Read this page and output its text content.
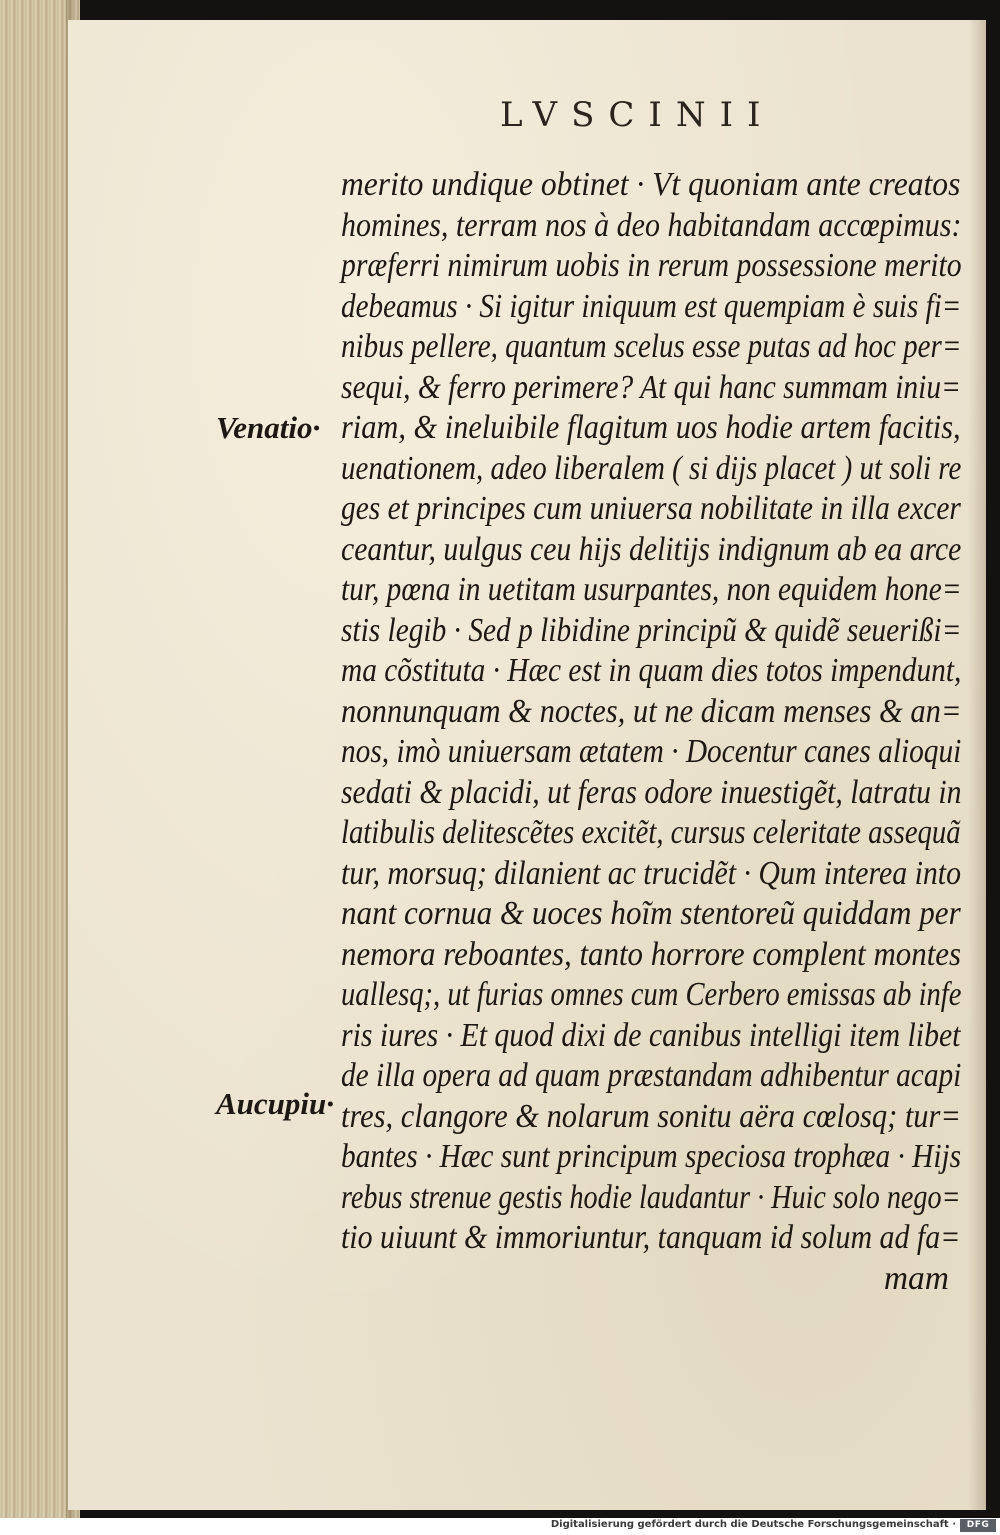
LVSCINII
Venatio·
Aucupiu·
merito undique obtinet · Vt quoniam ante creatos
homines, terram nos à deo habitandam accœpimus:
præferri nimirum uobis in rerum possessione merito
debeamus · Si igitur iniquum est quempiam è suis fi=
nibus pellere, quantum scelus esse putas ad hoc per=
sequi, & ferro perimere? At qui hanc summam iniu=
riam, & ineluibile flagitum uos hodie artem facitis,
uenationem, adeo liberalem ( si dijs placet ) ut soli re
ges et principes cum uniuersa nobilitate in illa excer
ceantur, uulgus ceu hijs delitijs indignum ab ea arce
tur, pœna in uetitam usurpantes, non equidem hone=
stis legib · Sed p libidine principũ & quidẽ seuerißi=
ma cõstituta · Hæc est in quam dies totos impendunt,
nonnunquam & noctes, ut ne dicam menses & an=
nos, imò uniuersam ætatem · Docentur canes alioqui
sedati & placidi, ut feras odore inuestigẽt, latratu in
latibulis delitescẽtes excitẽt, cursus celeritate assequã
tur, morsuq; dilanient ac trucidẽt · Qum interea into
nant cornua & uoces hoĩm stentoreũ quiddam per
nemora reboantes, tanto horrore complent montes
uallesq;, ut furias omnes cum Cerbero emissas ab infe
ris iures · Et quod dixi de canibus intelligi item libet
de illa opera ad quam præstandam adhibentur acapi
tres, clangore & nolarum sonitu aëra cœlosq; tur=
bantes · Hæc sunt principum speciosa trophæa · Hijs
rebus strenue gestis hodie laudantur · Huic solo nego=
tio uiuunt & immoriuntur, tanquam id solum ad fa=
mam
Digitalisierung gefördert durch die Deutsche Forschungsgemeinschaft ·	DFG
